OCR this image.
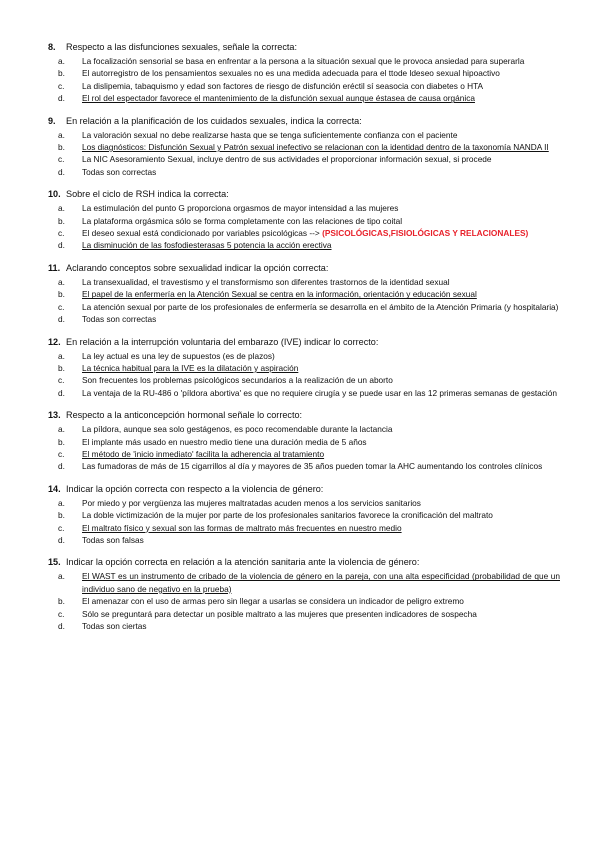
8.	Respecto a las disfunciones sexuales, señale la correcta:
a.	La focalización sensorial se basa en enfrentar a la persona a la situación sexual que le provoca ansiedad para superarla
b.	El autorregistro de los pensamientos sexuales no es una medida adecuada para el ttode ldeseo sexual hipoactivo
c.	La dislipemia, tabaquismo y edad son factores de riesgo de disfunción eréctil sí seasocia con diabetes o HTA
d.	El rol del espectador favorece el mantenimiento de la disfunción sexual aunque éstasea de causa orgánica
9.	En relación a la planificación de los cuidados sexuales, indica la correcta:
a.	La valoración sexual no debe realizarse hasta que se tenga suficientemente confianza con el paciente
b.	Los diagnósticos: Disfunción Sexual y Patrón sexual inefectivo se relacionan con la identidad dentro de la taxonomía NANDA II
c.	La NIC Asesoramiento Sexual, incluye dentro de sus actividades el proporcionar información sexual, si procede
d.	Todas son correctas
10. Sobre el ciclo de RSH indica la correcta:
a.	La estimulación del punto G proporciona orgasmos de mayor intensidad a las mujeres
b.	La plataforma orgásmica sólo se forma completamente con las relaciones de tipo coital
c.	El deseo sexual está condicionado por variables psicológicas --> (PSICOLÓGICAS,FISIOLÓGICAS Y RELACIONALES)
d.	La disminución de las fosfodiesterasas 5 potencia la acción erectiva
11. Aclarando conceptos sobre sexualidad indicar la opción correcta:
a.	La transexualidad, el travestismo y el transformismo son diferentes trastornos de la identidad sexual
b.	El papel de la enfermería en la Atención Sexual se centra en la información, orientación y educación sexual
c.	La atención sexual por parte de los profesionales de enfermería se desarrolla en el ámbito de la Atención Primaria (y hospitalaria)
d.	Todas son correctas
12. En relación a la interrupción voluntaria del embarazo (IVE) indicar lo correcto:
a.	La ley actual es una ley de supuestos (es de plazos)
b.	La técnica habitual para la IVE es la dilatación y aspiración
c.	Son frecuentes los problemas psicológicos secundarios a la realización de un aborto
d.	La ventaja de la RU-486 o 'píldora abortiva' es que no requiere cirugía y se puede usar en las 12 primeras semanas de gestación
13. Respecto a la anticoncepción hormonal señale lo correcto:
a.	La píldora, aunque sea solo gestágenos, es poco recomendable durante la lactancia
b.	El implante más usado en nuestro medio tiene una duración media de 5 años
c.	El método de 'inicio inmediato' facilita la adherencia al tratamiento
d.	Las fumadoras de más de 15 cigarrillos al día y mayores de 35 años pueden tomar la AHC aumentando los controles clínicos
14. Indicar la opción correcta con respecto a la violencia de género:
a.	Por miedo y por vergüenza las mujeres maltratadas acuden menos a los servicios sanitarios
b.	La doble victimización de la mujer por parte de los profesionales sanitarios favorece la cronificación del maltrato
c.	El maltrato físico y sexual son las formas de maltrato más frecuentes en nuestro medio
d.	Todas son falsas
15. Indicar la opción correcta en relación a la atención sanitaria ante la violencia de género:
a.	El WAST es un instrumento de cribado de la violencia de género en la pareja, con una alta especificidad (probabilidad de que un individuo sano de negativo en la prueba)
b.	El amenazar con el uso de armas pero sin llegar a usarlas se considera un indicador de peligro extremo
c.	Sólo se preguntará para detectar un posible maltrato a las mujeres que presenten indicadores de sospecha
d.	Todas son ciertas
